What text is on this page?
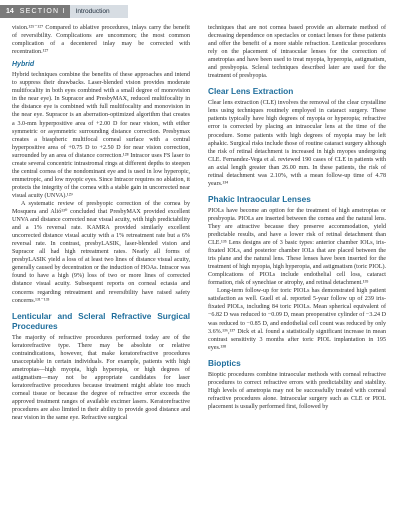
14 SECTION I	Introduction

vision.¹²⁵⁻¹²⁷ Compared to ablative procedures, inlays carry the benefit of reversibility. Complications are uncommon; the most common complication of a decentered inlay may be corrected with recentration.¹²⁷

Hybrid

Hybrid techniques combine the benefits of these approaches and intend to suppress their drawbacks. Laser-blended vision provides moderate multifocality in both eyes combined with a small degree of monovision in the near eye). In Supracor and PresbyMAX, reduced multifocality in the distance eye is combined with full multifocality and monovision in the near eye. Supracor is an aberration-optimized algorithm that creates a 3.0-mm hyperpositive area of +2.00 D for near vision, with either symmetric or asymmetric surrounding distance correction. Presbymax creates a biaspheric multifocal corneal surface with a central hyperpositive area of +0.75 D to +2.50 D for near vision correction, surrounded by an area of distance correction.¹²⁸ Intracor uses FS laser to create several concentric intrastromal rings at different depths to steepen the central cornea of the nondominant eye and is used in low hyperopic, emmetropic, and low myopic eyes. Since Intracor requires no ablation, it protects the integrity of the cornea with a stable gain in uncorrected near visual acuity (UNVA).¹²⁹

A systematic review of presbyopic correction of the cornea by Mosquera and Alió¹³⁰ concluded that PresbyMAX provided excellent UNVA and distance corrected near visual acuity, with high predictability and a 1% reversal rate. KAMRA provided similarly excellent uncorrected distance visual acuity with a 1% retreatment rate but a 6% reversal rate. In contrast, presbyLASIK, laser-blended vision and Supracor all had high retreatment rates. Nearly all forms of presbyLASIK yield a loss of at least two lines of distance visual acuity, generally caused by decentration or the induction of HOAs. Intracor was found to have a high (9%) loss of two or more lines of corrected distance visual acuity. Subsequent reports on corneal ectasia and concerns regarding retreatment and reversibility have raised safety concerns.¹³¹⁻¹³³

Lenticular and Scleral Refractive Surgical Procedures

The majority of refractive procedures performed today are of the keratorefractive type. There may be absolute or relative contraindications, however, that make keratorefractive procedures unacceptable in certain individuals. For example, patients with high ametropias—high myopia, high hyperopia, or high degrees of astigmatism—may not be appropriate candidates for laser keratorefractive procedures because treatment might ablate too much corneal tissue or because the degree of refractive error exceeds the approved treatment ranges of available excimer lasers. Keratorefractive procedures are also limited in their ability to provide good distance and near vision in the same eye. Refractive surgical

techniques that are not cornea based provide an alternate method of decreasing dependence on spectacles or contact lenses for these patients and offer the benefit of a more stable refraction. Lenticular procedures rely on the placement of intraocular lenses for the correction of ametropias and have been used to treat myopia, hyperopia, astigmatism, and presbyopia. Scleral techniques described later are used for the treatment of presbyopia.

Clear Lens Extraction

Clear lens extraction (CLE) involves the removal of the clear crystalline lens using techniques routinely employed in cataract surgery. These patients typically have high degrees of myopia or hyperopia; refractive error is corrected by placing an intraocular lens at the time of the procedure. Some patients with high degrees of myopia may be left aphakic. Surgical risks include those of routine cataract surgery although the risk of retinal detachment is increased in high myopes undergoing CLE. Fernandez-Vega et al. reviewed 190 cases of CLE in patients with an axial length greater than 26.00 mm. In these patients, the risk of retinal detachment was 2.10%, with a mean follow-up time of 4.78 years.¹³⁴

Phakic Intraocular Lenses

PIOLs have become an option for the treatment of high ametropias or presbyopia. PIOLs are inserted between the cornea and the natural lens. They are attractive because they preserve accommodation, yield predictable results, and have a lower risk of retinal detachment than CLE.¹³⁵ Lens designs are of 3 basic types: anterior chamber IOLs, iris-fixated IOLs, and posterior chamber IOLs that are placed between the iris plane and the natural lens. These lenses have been inserted for the treatment of high myopia, high hyperopia, and astigmatism (toric PIOL). Complications of PIOLs include endothelial cell loss, cataract formation, risk of synechiae or atrophy, and retinal detachment.¹³⁵

Long-term follow-up for toric PIOLs has demonstrated high patient satisfaction as well. Guell et al. reported 5-year follow up of 239 iris-fixated PIOLs, including 84 toric PIOLs. Mean spherical equivalent of −6.82 D was reduced to −0.09 D, mean preoperative cylinder of −3.24 D was reduced to −0.85 D, and endothelial cell count was reduced by only 3.6%.¹³⁶,¹³⁷ Dick et al. found a statistically significant increase in mean contrast sensitivity 3 months after toric PIOL implantation in 195 eyes.¹³⁸

Bioptics

Bioptic procedures combine intraocular methods with corneal refractive procedures to correct refractive errors with predictability and stability. High levels of ametropia may not be successfully treated with corneal refractive procedures alone. Intraocular surgery such as CLE or PIOL placement is usually performed first, followed by
